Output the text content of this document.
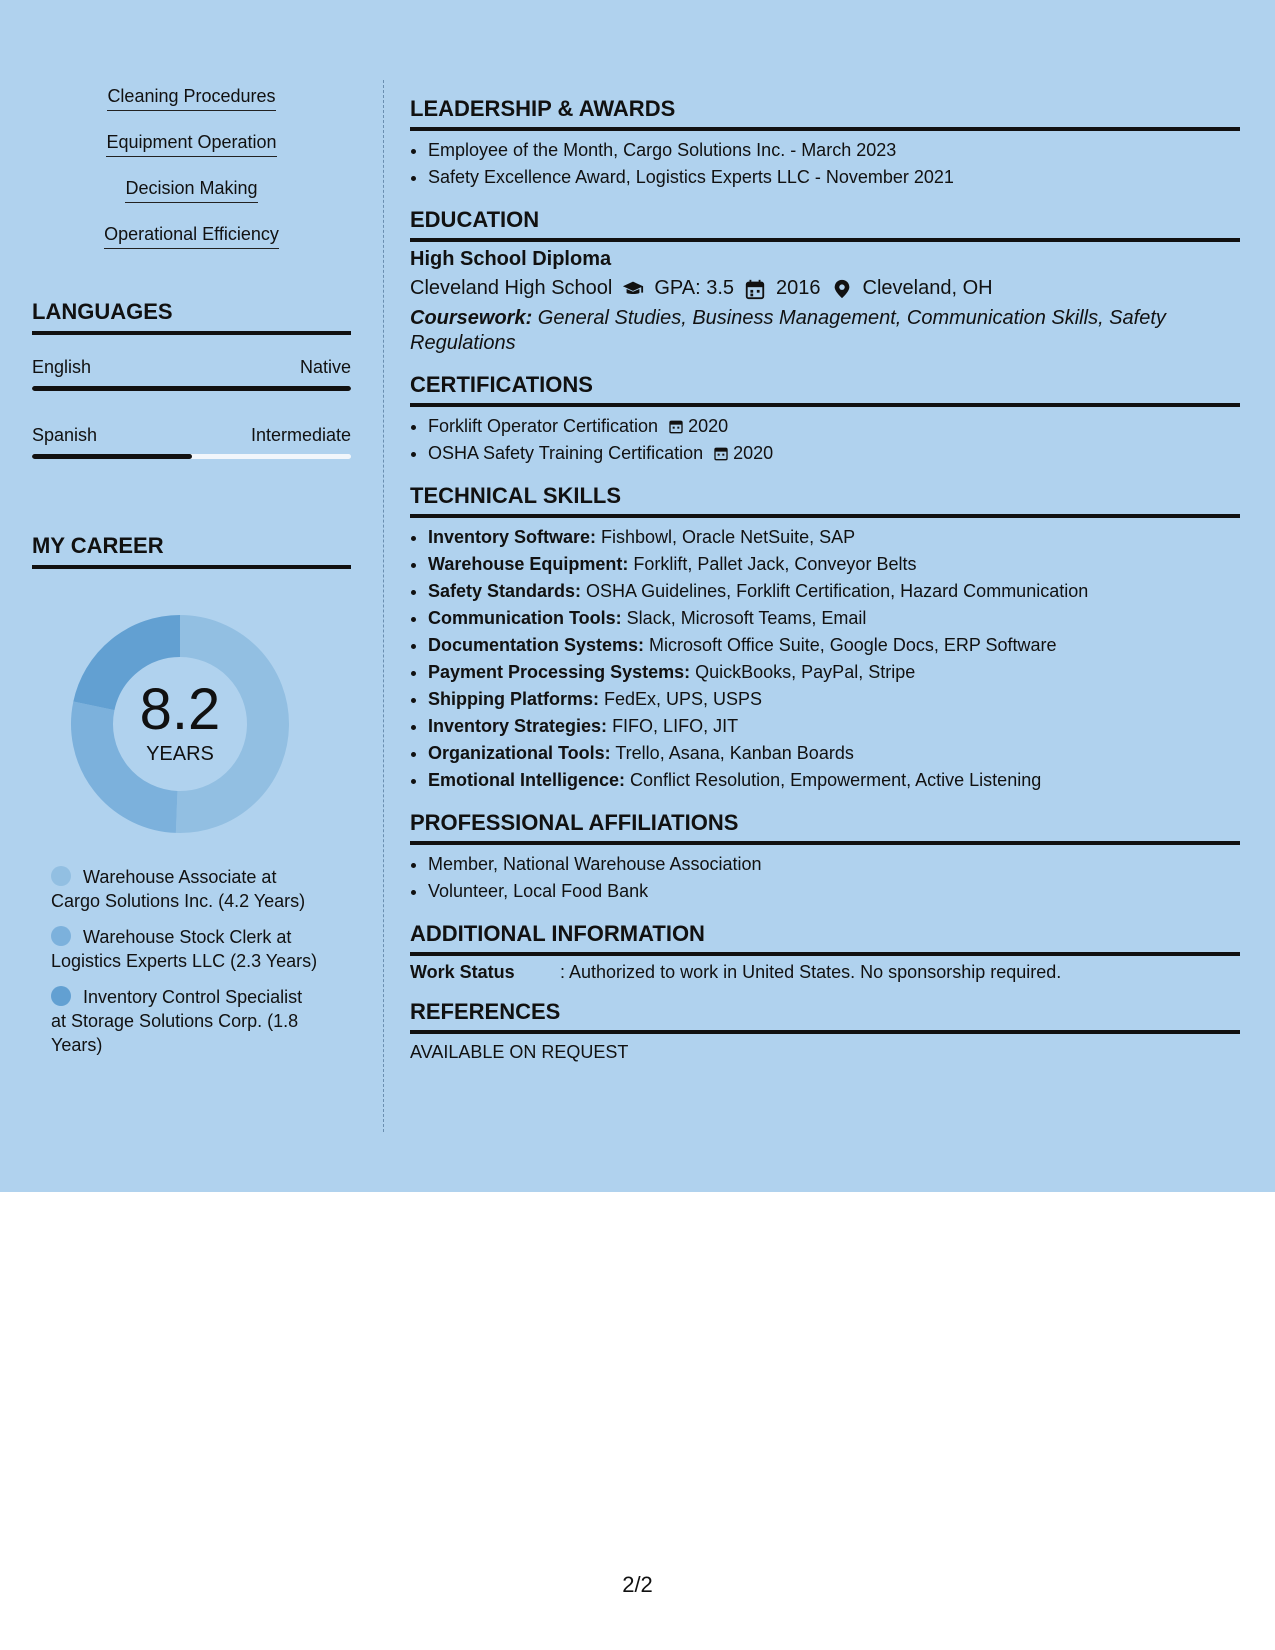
Cleaning Procedures
Equipment Operation
Decision Making
Operational Efficiency
LANGUAGES
English	Native
Spanish	Intermediate
MY CAREER
8.2
YEARS
Warehouse Associate at Cargo Solutions Inc. (4.2 Years)
Warehouse Stock Clerk at Logistics Experts LLC (2.3 Years)
Inventory Control Specialist at Storage Solutions Corp. (1.8 Years)
LEADERSHIP & AWARDS
• Employee of the Month, Cargo Solutions Inc. - March 2023
• Safety Excellence Award, Logistics Experts LLC - November 2021
EDUCATION
High School Diploma
Cleveland High School GPA: 3.5 2016 Cleveland, OH
Coursework: General Studies, Business Management, Communication Skills, Safety Regulations
CERTIFICATIONS
• Forklift Operator Certification 2020
• OSHA Safety Training Certification 2020
TECHNICAL SKILLS
• Inventory Software: Fishbowl, Oracle NetSuite, SAP
• Warehouse Equipment: Forklift, Pallet Jack, Conveyor Belts
• Safety Standards: OSHA Guidelines, Forklift Certification, Hazard Communication
• Communication Tools: Slack, Microsoft Teams, Email
• Documentation Systems: Microsoft Office Suite, Google Docs, ERP Software
• Payment Processing Systems: QuickBooks, PayPal, Stripe
• Shipping Platforms: FedEx, UPS, USPS
• Inventory Strategies: FIFO, LIFO, JIT
• Organizational Tools: Trello, Asana, Kanban Boards
• Emotional Intelligence: Conflict Resolution, Empowerment, Active Listening
PROFESSIONAL AFFILIATIONS
• Member, National Warehouse Association
• Volunteer, Local Food Bank
ADDITIONAL INFORMATION
Work Status	: Authorized to work in United States. No sponsorship required.
REFERENCES
AVAILABLE ON REQUEST
2/2
